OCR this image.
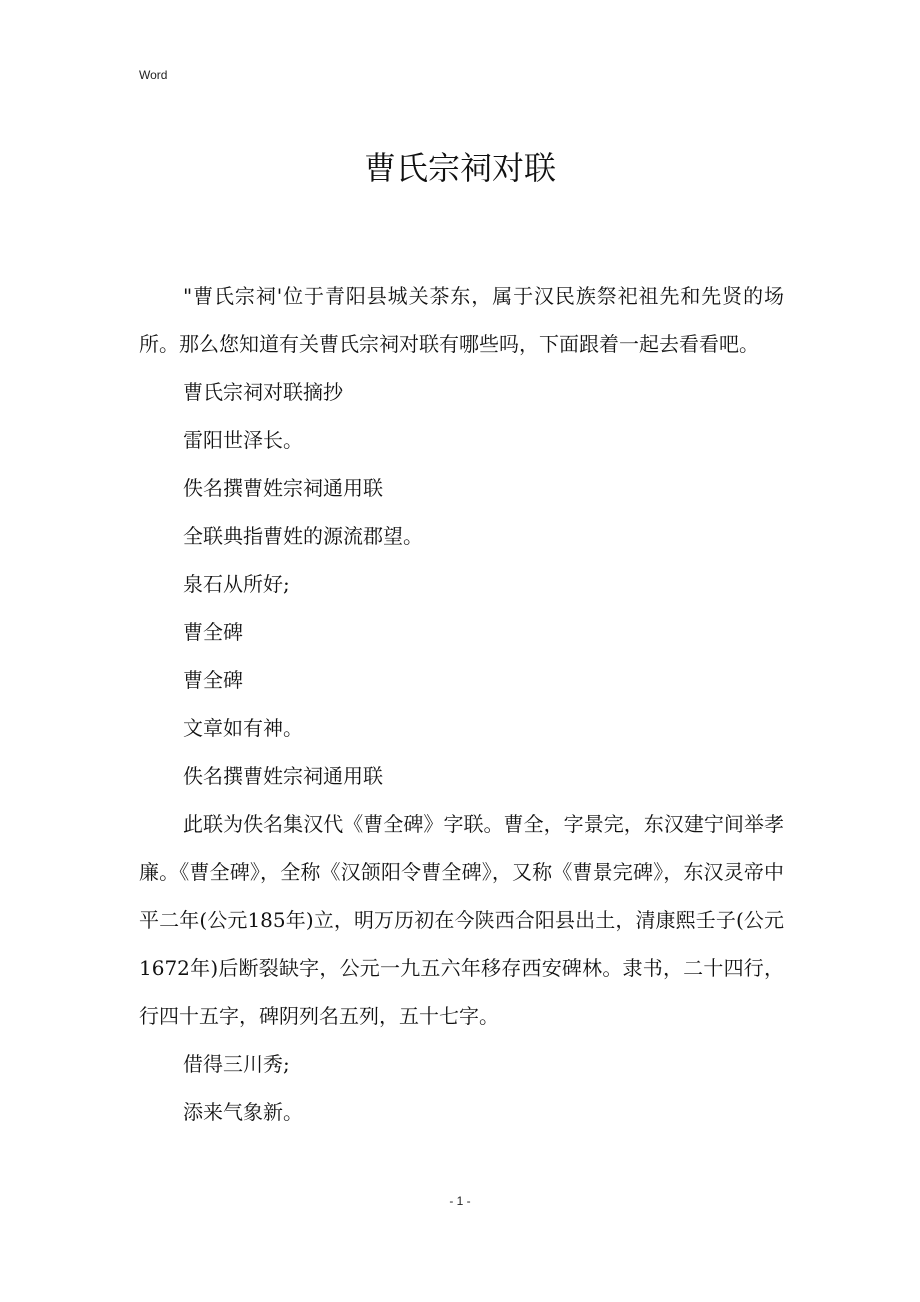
Word
曹氏宗祠对联

"曹氏宗祠'位于青阳县城关茶东，属于汉民族祭祀祖先和先贤的场所。那么您知道有关曹氏宗祠对联有哪些吗，下面跟着一起去看看吧。

曹氏宗祠对联摘抄

雷阳世泽长。

佚名撰曹姓宗祠通用联

全联典指曹姓的源流郡望。

泉石从所好;

曹全碑

曹全碑

文章如有神。

佚名撰曹姓宗祠通用联

此联为佚名集汉代《曹全碑》字联。曹全，字景完，东汉建宁间举孝廉。《曹全碑》，全称《汉颌阳令曹全碑》，又称《曹景完碑》，东汉灵帝中平二年(公元185年)立，明万历初在今陕西合阳县出土，清康熙壬子(公元1672年)后断裂缺字，公元一九五六年移存西安碑林。隶书，二十四行，行四十五字，碑阴列名五列，五十七字。

借得三川秀;

添来气象新。

- 1 -
